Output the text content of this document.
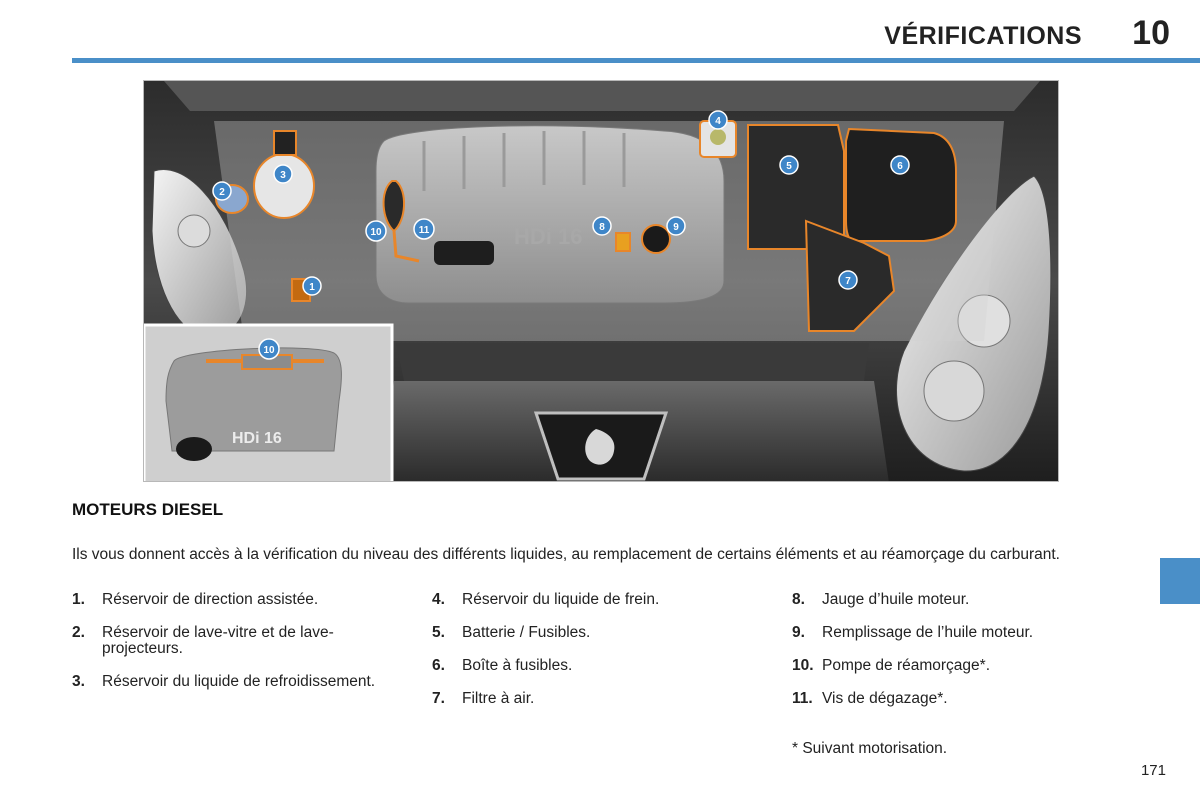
VÉRIFICATIONS 10
HDi 16
HDi 16
1
2
3
4
5	6
7
8	9
10	11
10
MOTEURS DIESEL
Ils vous donnent accès à la vérification du niveau des différents liquides, au remplacement de certains éléments et au réamorçage du carburant.
1.	Réservoir de direction assistée.
2.	Réservoir de lave-vitre et de lave-projecteurs.
3.	Réservoir du liquide de refroidissement.
4.	Réservoir du liquide de frein.
5.	Batterie / Fusibles.
6.	Boîte à fusibles.
7.	Filtre à air.
8.	Jauge d’huile moteur.
9.	Remplissage de l’huile moteur.
10. Pompe de réamorçage*.
11. Vis de dégazage*.
* Suivant motorisation.
171
